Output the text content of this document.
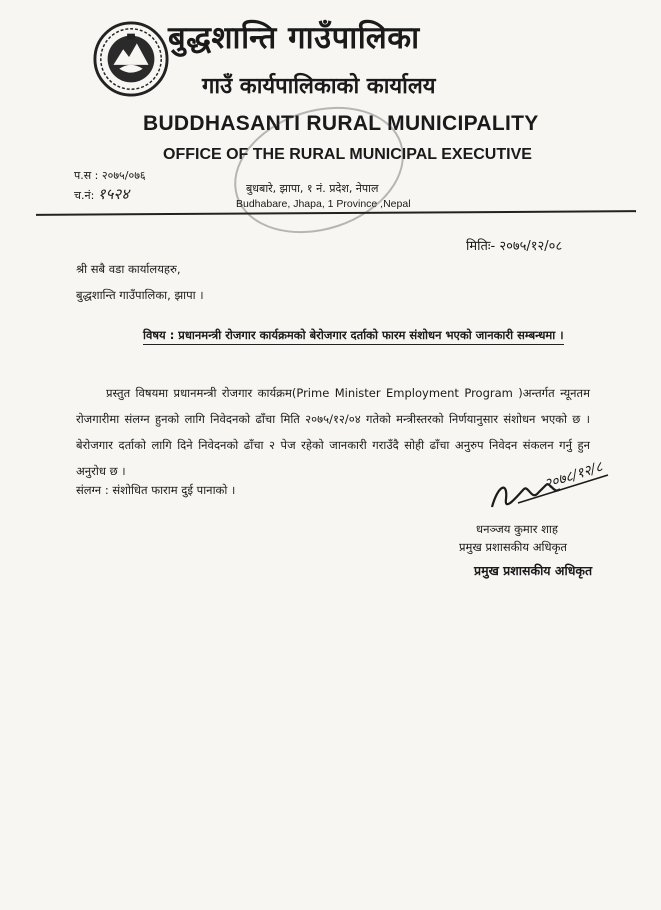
बुद्धशान्ति गाउँपालिका
गाउँ कार्यपालिकाको कार्यालय
BUDDHASANTI RURAL MUNICIPALITY
OFFICE OF THE RURAL MUNICIPAL EXECUTIVE
प.स : २०७५/०७६
च.नं: १५२४	बुधबारे, झापा, १ नं. प्रदेश, नेपाल
Budhabare, Jhapa, 1 Province ,Nepal
मितिः- २०७५/१२/०८
श्री सबै वडा कार्यालयहरु,
बुद्धशान्ति गाउँपालिका, झापा ।
विषय : प्रधानमन्त्री रोजगार कार्यक्रमको बेरोजगार दर्ताको फारम संशोधन भएको जानकारी सम्बन्धमा ।
प्रस्तुत विषयमा प्रधानमन्त्री रोजगार कार्यक्रम(Prime Minister Employment Program )अन्तर्गत न्यूनतम रोजगारीमा संलग्न हुनको लागि निवेदनको ढाँचा मिति २०७५/१२/०४ गतेको मन्त्रीस्तरको निर्णयानुसार संशोधन भएको छ । बेरोजगार दर्ताको लागि दिने निवेदनको ढाँचा २ पेज रहेको जानकारी गराउँदै सोही ढाँचा अनुरुप निवेदन संकलन गर्नु हुन अनुरोध छ ।
संलग्न : संशोधित फाराम दुई पानाको ।	२०७८/१२/८
धनञ्जय कुमार शाह
प्रमुख प्रशासकीय अधिकृत
प्रमुख प्रशासकीय अधिकृत
